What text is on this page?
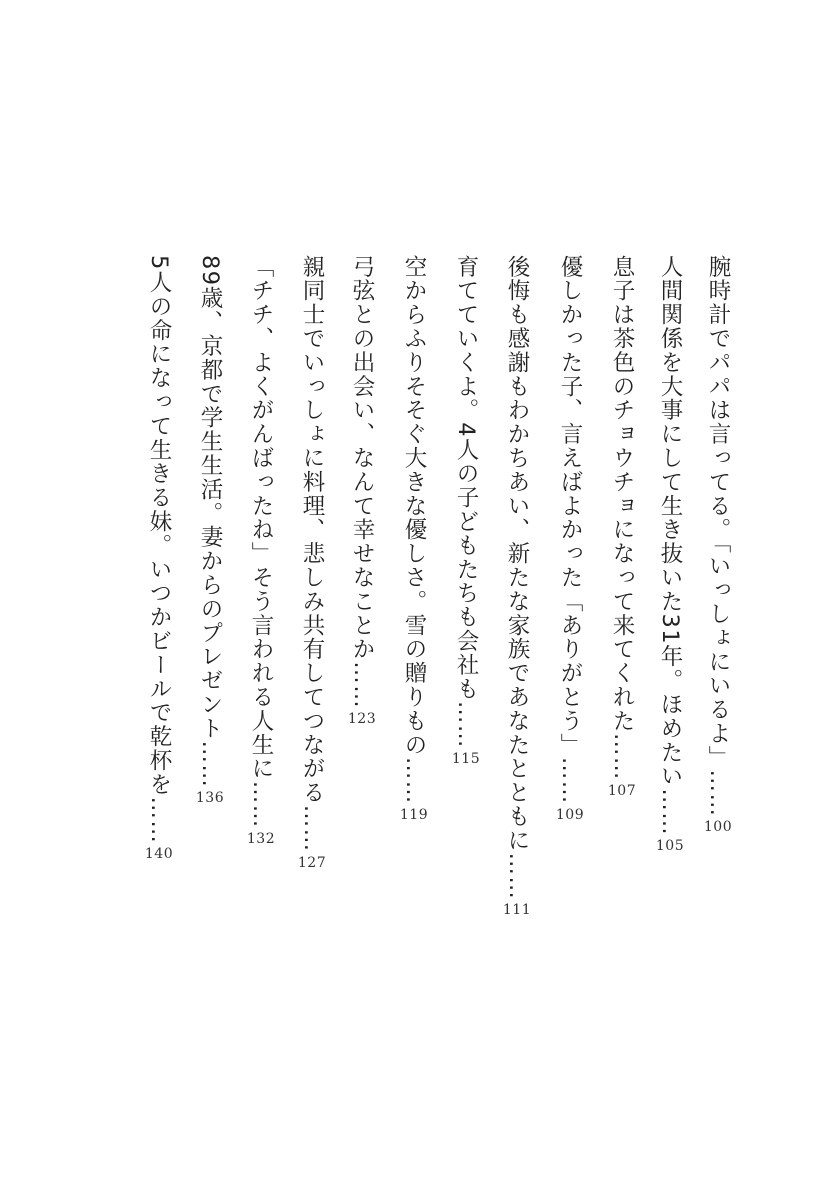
腕時計でパパは言ってる。「いっしょにいるよ」……
100
人間関係を大事にして生き抜いた31年。ほめたい……
105
息子は茶色のチョウチョになって来てくれた……
107
優しかった子、言えばよかった「ありがとう」……
109
後悔も感謝もわかちあい、新たな家族であなたとともに……
111
育てていくよ。4人の子どもたちも会社も……
115
空からふりそそぐ大きな優しさ。雪の贈りもの……
119
弓弦との出会い、なんて幸せなことか……
123
親同士でいっしょに料理、悲しみ共有してつながる……
127
「チチ、よくがんばったね」そう言われる人生に……
132
89歳、京都で学生生活。妻からのプレゼント……
136
5人の命になって生きる妹。いつかビールで乾杯を……
140
